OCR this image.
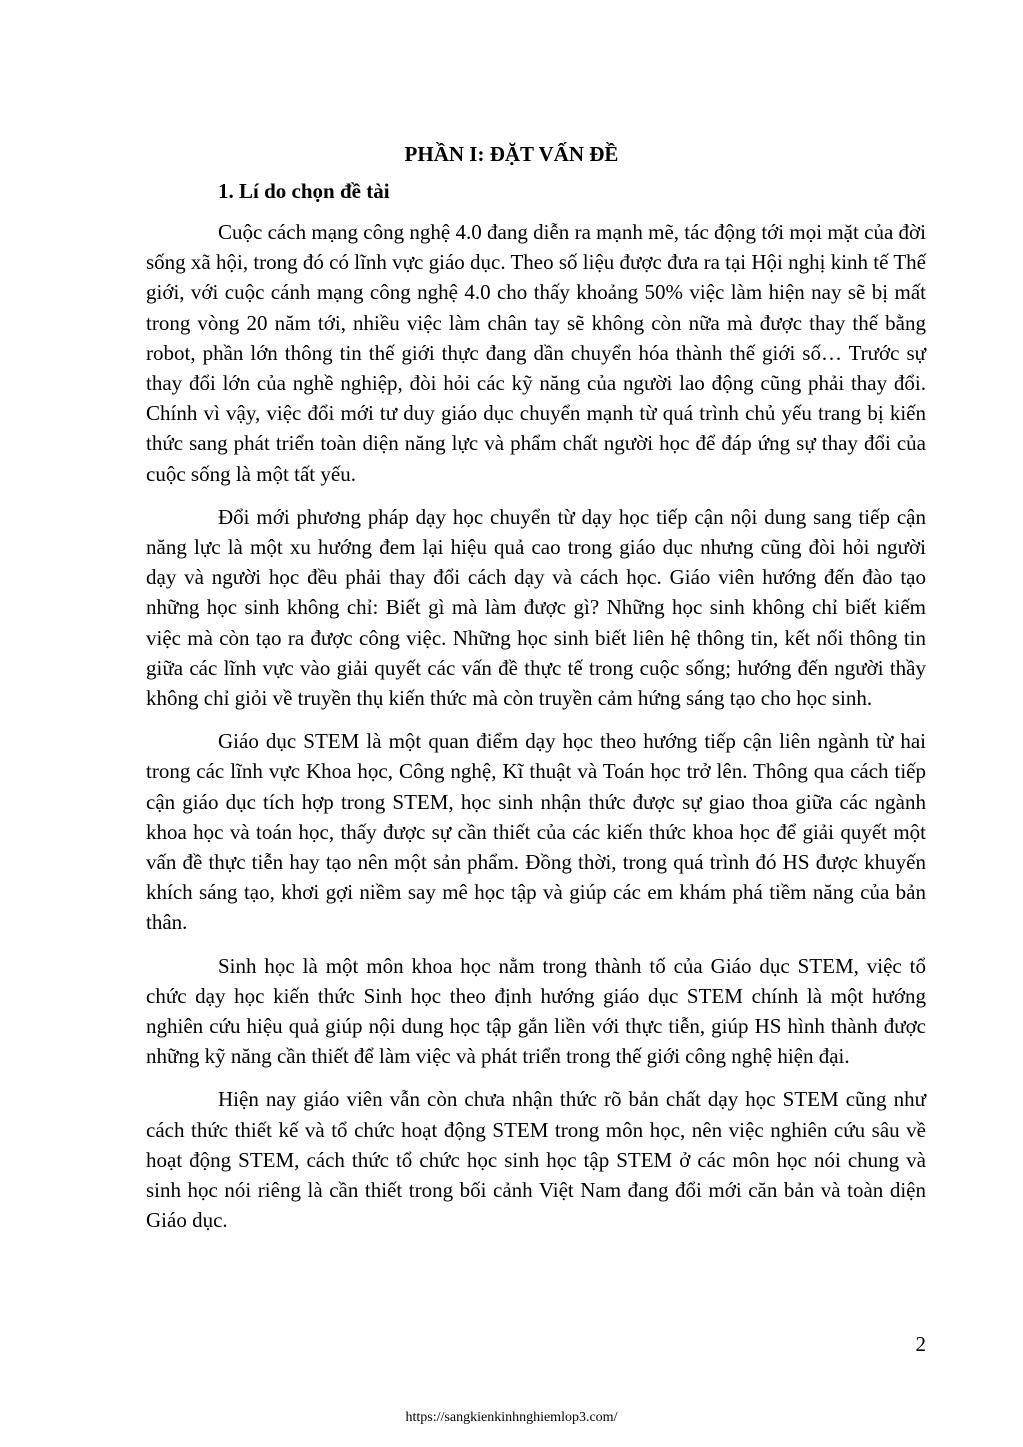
PHẦN I: ĐẶT VẤN ĐỀ
1. Lí do chọn đề tài

Cuộc cách mạng công nghệ 4.0 đang diễn ra mạnh mẽ, tác động tới mọi mặt của đời sống xã hội, trong đó có lĩnh vực giáo dục. Theo số liệu được đưa ra tại Hội nghị kinh tế Thế giới, với cuộc cánh mạng công nghệ 4.0 cho thấy khoảng 50% việc làm hiện nay sẽ bị mất trong vòng 20 năm tới, nhiều việc làm chân tay sẽ không còn nữa mà được thay thế bằng robot, phần lớn thông tin thế giới thực đang dần chuyển hóa thành thế giới số… Trước sự thay đổi lớn của nghề nghiệp, đòi hỏi các kỹ năng của người lao động cũng phải thay đổi. Chính vì vậy, việc đổi mới tư duy giáo dục chuyển mạnh từ quá trình chủ yếu trang bị kiến thức sang phát triển toàn diện năng lực và phẩm chất người học để đáp ứng sự thay đổi của cuộc sống là một tất yếu.

Đổi mới phương pháp dạy học chuyển từ dạy học tiếp cận nội dung sang tiếp cận năng lực là một xu hướng đem lại hiệu quả cao trong giáo dục nhưng cũng đòi hỏi người dạy và người học đều phải thay đổi cách dạy và cách học. Giáo viên hướng đến đào tạo những học sinh không chỉ: Biết gì mà làm được gì? Những học sinh không chỉ biết kiếm việc mà còn tạo ra được công việc. Những học sinh biết liên hệ thông tin, kết nối thông tin giữa các lĩnh vực vào giải quyết các vấn đề thực tế trong cuộc sống; hướng đến người thầy không chỉ giỏi về truyền thụ kiến thức mà còn truyền cảm hứng sáng tạo cho học sinh.

Giáo dục STEM là một quan điểm dạy học theo hướng tiếp cận liên ngành từ hai trong các lĩnh vực Khoa học, Công nghệ, Kĩ thuật và Toán học trở lên. Thông qua cách tiếp cận giáo dục tích hợp trong STEM, học sinh nhận thức được sự giao thoa giữa các ngành khoa học và toán học, thấy được sự cần thiết của các kiến thức khoa học để giải quyết một vấn đề thực tiễn hay tạo nên một sản phẩm. Đồng thời, trong quá trình đó HS được khuyến khích sáng tạo, khơi gợi niềm say mê học tập và giúp các em khám phá tiềm năng của bản thân.

Sinh học là một môn khoa học nằm trong thành tố của Giáo dục STEM, việc tổ chức dạy học kiến thức Sinh học theo định hướng giáo dục STEM chính là một hướng nghiên cứu hiệu quả giúp nội dung học tập gắn liền với thực tiễn, giúp HS hình thành được những kỹ năng cần thiết để làm việc và phát triển trong thế giới công nghệ hiện đại.

Hiện nay giáo viên vẫn còn chưa nhận thức rõ bản chất dạy học STEM cũng như cách thức thiết kế và tổ chức hoạt động STEM trong môn học, nên việc nghiên cứu sâu về hoạt động STEM, cách thức tổ chức học sinh học tập STEM ở các môn học nói chung và sinh học nói riêng là cần thiết trong bối cảnh Việt Nam đang đổi mới căn bản và toàn diện Giáo dục.

2
https://sangkienkinhnghiemlop3.com/
